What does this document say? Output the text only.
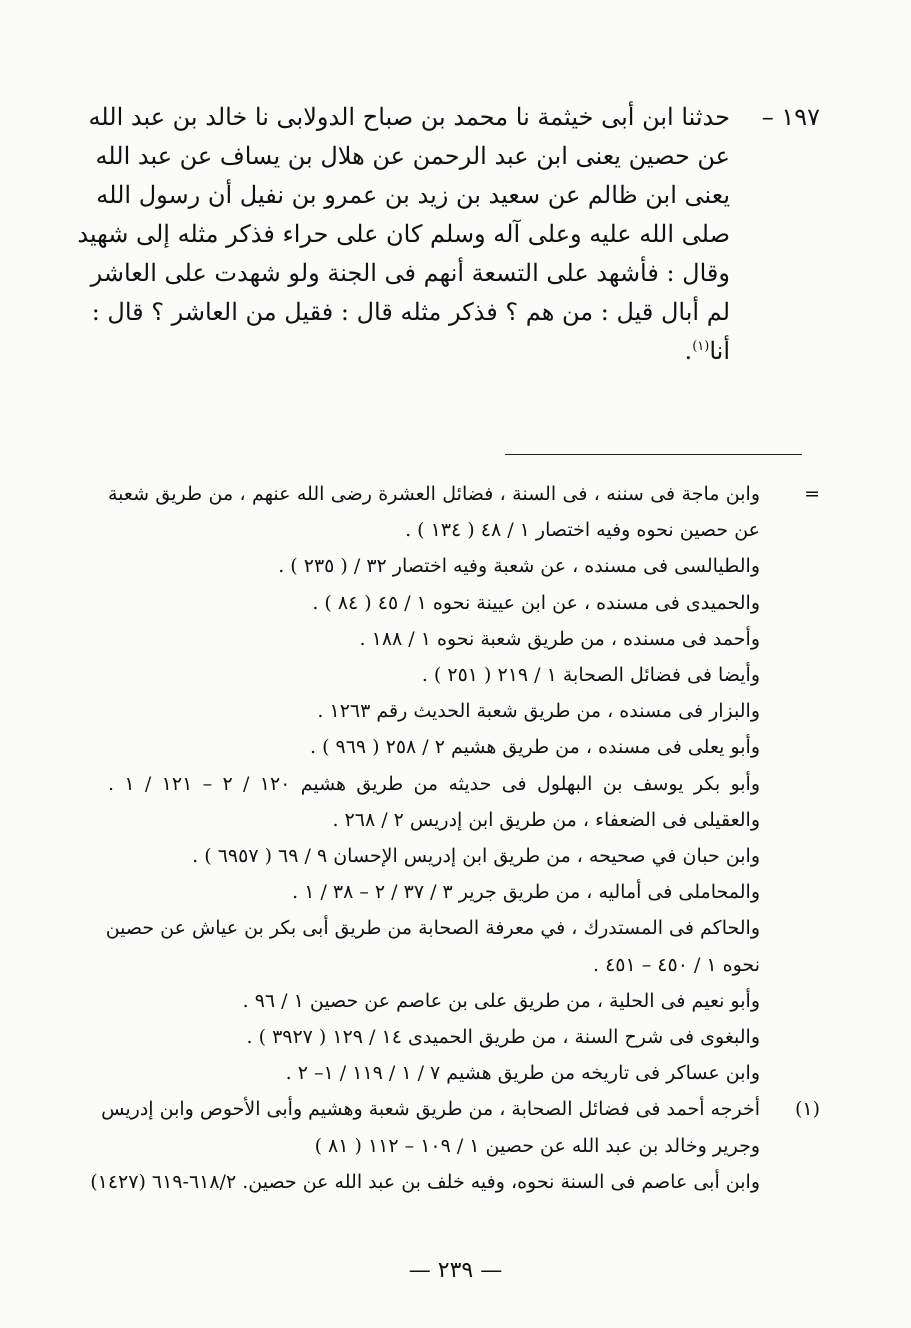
١٩٧ –
حدثنا ابن أبى خيثمة نا محمد بن صباح الدولابى نا خالد بن عبد الله
عن حصين يعنى ابن عبد الرحمن عن هلال بن يساف عن عبد الله
يعنى ابن ظالم عن سعيد بن زيد بن عمرو بن نفيل أن رسول الله
صلى الله عليه وعلى آله وسلم كان على حراء فذكر مثله إلى شهيد
وقال : فأشهد على التسعة أنهم فى الجنة ولو شهدت على العاشر
لم أبال قيل : من هم ؟ فذكر مثله قال : فقيل من العاشر ؟ قال :
أنا$^{(١)}$.
=
وابن ماجة فى سننه ، فى السنة ، فضائل العشرة رضى الله عنهم ، من طريق شعبة
عن حصين نحوه وفيه اختصار ١ / ٤٨ ( ١٣٤ ) .
والطيالسى فى مسنده ، عن شعبة وفيه اختصار ٣٢ / ( ٢٣٥ ) .
والحميدى فى مسنده ، عن ابن عيينة نحوه ١ / ٤٥ ( ٨٤ ) .
وأحمد فى مسنده ، من طريق شعبة نحوه ١ / ١٨٨ .
وأيضا فى فضائل الصحابة ١ / ٢١٩ ( ٢٥١ ) .
والبزار فى مسنده ، من طريق شعبة الحديث رقم ١٢٦٣ .
وأبو يعلى فى مسنده ، من طريق هشيم ٢ / ٢٥٨ ( ٩٦٩ ) .
وأبو بكر يوسف بن البهلول فى حديثه من طريق هشيم ١٢٠ / ٢ – ١٢١ / ١ .
والعقيلى فى الضعفاء ، من طريق ابن إدريس ٢ / ٢٦٨ .
وابن حبان في صحيحه ، من طريق ابن إدريس الإحسان ٩ / ٦٩ ( ٦٩٥٧ ) .
والمحاملى فى أماليه ، من طريق جرير ٣ / ٣٧ / ٢ – ٣٨ / ١ .
والحاكم فى المستدرك ، في معرفة الصحابة من طريق أبى بكر بن عياش عن حصين
نحوه ١ / ٤٥٠ – ٤٥١ .
وأبو نعيم فى الحلية ، من طريق على بن عاصم عن حصين ١ / ٩٦ .
والبغوى فى شرح السنة ، من طريق الحميدى ١٤ / ١٢٩ ( ٣٩٢٧ ) .
وابن عساكر فى تاريخه من طريق هشيم ٧ / ١ / ١١٩ / ١– ٢ .
(١)
أخرجه أحمد فى فضائل الصحابة ، من طريق شعبة وهشيم وأبى الأحوص وابن إدريس
وجرير وخالد بن عبد الله عن حصين ١ / ١٠٩ – ١١٢ ( ٨١ )
وابن أبى عاصم فى السنة نحوه، وفيه خلف بن عبد الله عن حصين. ٦١٨/٢-٦١٩ (١٤٢٧)
— ٢٣٩ —
